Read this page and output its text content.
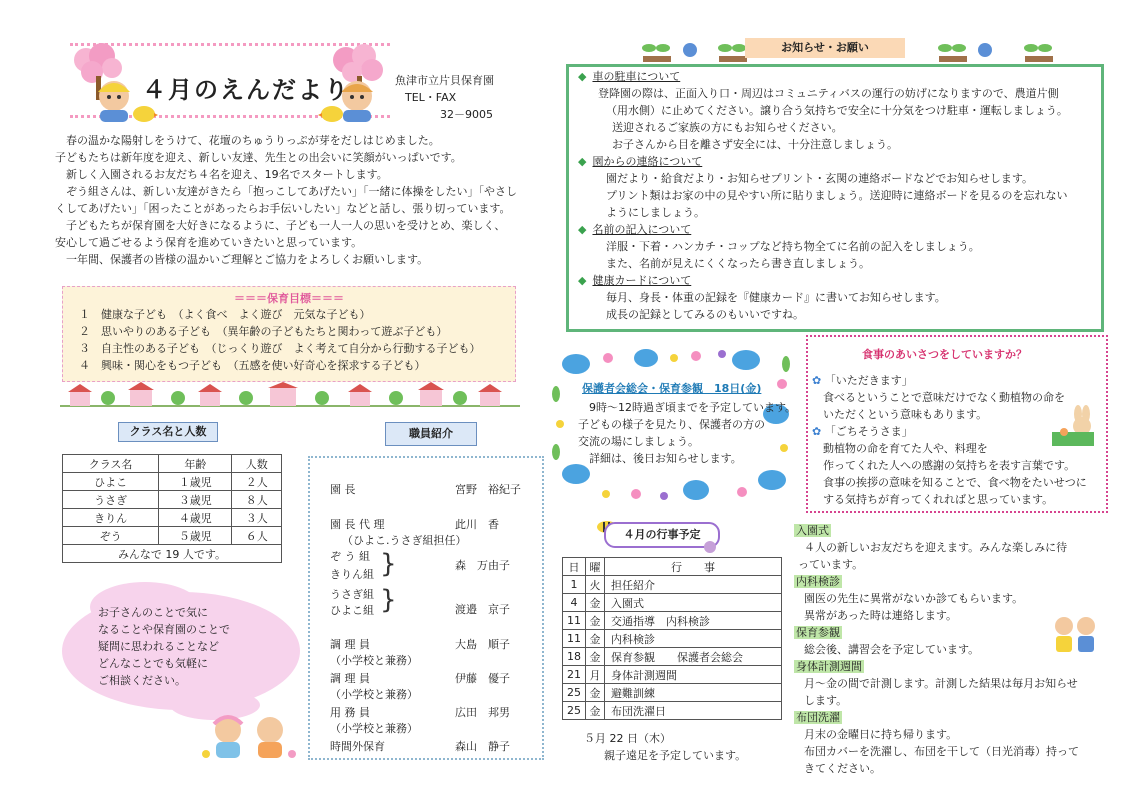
４月のえんだより	魚津市立片貝保育園
TEL・FAX
32－9005
　春の温かな陽射しをうけて、花壇のちゅうりっぷが芽をだしはじめました。
子どもたちは新年度を迎え、新しい友達、先生との出会いに笑顔がいっぱいです。
　新しく入園されるお友だち４名を迎え、19名でスタートします。
　ぞう組さんは、新しい友達がきたら「抱っこしてあげたい」「一緒に体操をしたい」「やさし
くしてあげたい」「困ったことがあったらお手伝いしたい」などと話し、張り切っています。
　子どもたちが保育園を大好きになるように、子ども一人一人の思いを受けとめ、楽しく、
安心して過ごせるよう保育を進めていきたいと思っています。
　一年間、保護者の皆様の温かいご理解とご協力をよろしくお願いします。
＝＝＝保育目標＝＝＝
１　健康な子ども　（よく食べ　よく遊び　元気な子ども）
２　思いやりのある子ども　（異年齢の子どもたちと関わって遊ぶ子ども）
３　自主性のある子ども　（じっくり遊び　よく考えて自分から行動する子ども）
４　興味・関心をもつ子ども　（五感を使い好奇心を探求する子ども）
クラス名と人数
クラス名	年齢	人数
ひよこ	１歳児	２人
うさぎ	３歳児	８人
きりん	４歳児	３人
ぞう	５歳児	６人
みんなで 19 人です。		
お子さんのことで気に
なることや保育園のことで
疑問に思われることなど
どんなことでも気軽に
ご相談ください。
職員紹介
園 長	宮野　裕紀子
園 長 代 理	此川　香
（ひよこ.うさぎ組担任）
ぞ う 組
きりん組 }	森　万由子
うさぎ組
ひよこ組 }	渡邉　京子
調 理 員	大島　順子
（小学校と兼務）
調 理 員	伊藤　優子
（小学校と兼務）
用 務 員	広田　邦男
（小学校と兼務）
時間外保育	森山　静子
お知らせ・お願い
◆ 車の駐車について
登降園の際は、正面入り口・周辺はコミュニティバスの運行の妨げになりますので、農道片側
（用水側）に止めてください。譲り合う気持ちで安全に十分気をつけ駐車・運転しましょう。
送迎されるご家族の方にもお知らせください。
お子さんから目を離さず安全には、十分注意しましょう。
◆ 園からの連絡について
園だより・給食だより・お知らせプリント・玄関の連絡ボードなどでお知らせします。
プリント類はお家の中の見やすい所に貼りましょう。送迎時に連絡ボードを見るのを忘れない
ようにしましょう。
◆ 名前の記入について
洋服・下着・ハンカチ・コップなど持ち物全てに名前の記入をしましょう。
また、名前が見えにくくなったら書き直しましょう。
◆ 健康カードについて
毎月、身長・体重の記録を『健康カード』に書いてお知らせします。
成長の記録としてみるのもいいですね。
保護者会総会・保育参観　18日(金)
　9時〜12時過ぎ頃までを予定しています。
子どもの様子を見たり、保護者の方の
交流の場にしましょう。
　詳細は、後日お知らせします。
食事のあいさつをしていますか？
✿ 「いただきます」
　食べるということで意味だけでなく動植物の命を
　いただくという意味もあります。
✿ 「ごちそうさま」
　動植物の命を育てた人や、料理を
　作ってくれた人への感謝の気持ちを表す言葉です。
　食事の挨拶の意味を知ることで、食べ物をたいせつに
　する気持ちが育ってくれればと思っています。
４月の行事予定
日	曜	行　　事
1	火	担任紹介
4	金	入園式
11	金	交通指導　内科検診
11	金	内科検診
18	金	保育参観　　保護者会総会
21	月	身体計測週間
25	金	避難訓練
25	金	布団洗濯日
５月 22 日（木）
親子遠足を予定しています。
入園式
４人の新しいお友だちを迎えます。みんな楽しみに待
っています。
内科検診
園医の先生に異常がないか診てもらいます。
異常があった時は連絡します。
保育参観
総会後、講習会を予定しています。
身体計測週間
月〜金の間で計測します。計測した結果は毎月お知らせ
します。
布団洗濯
月末の金曜日に持ち帰ります。
布団カバーを洗濯し、布団を干して（日光消毒）持って
きてください。
